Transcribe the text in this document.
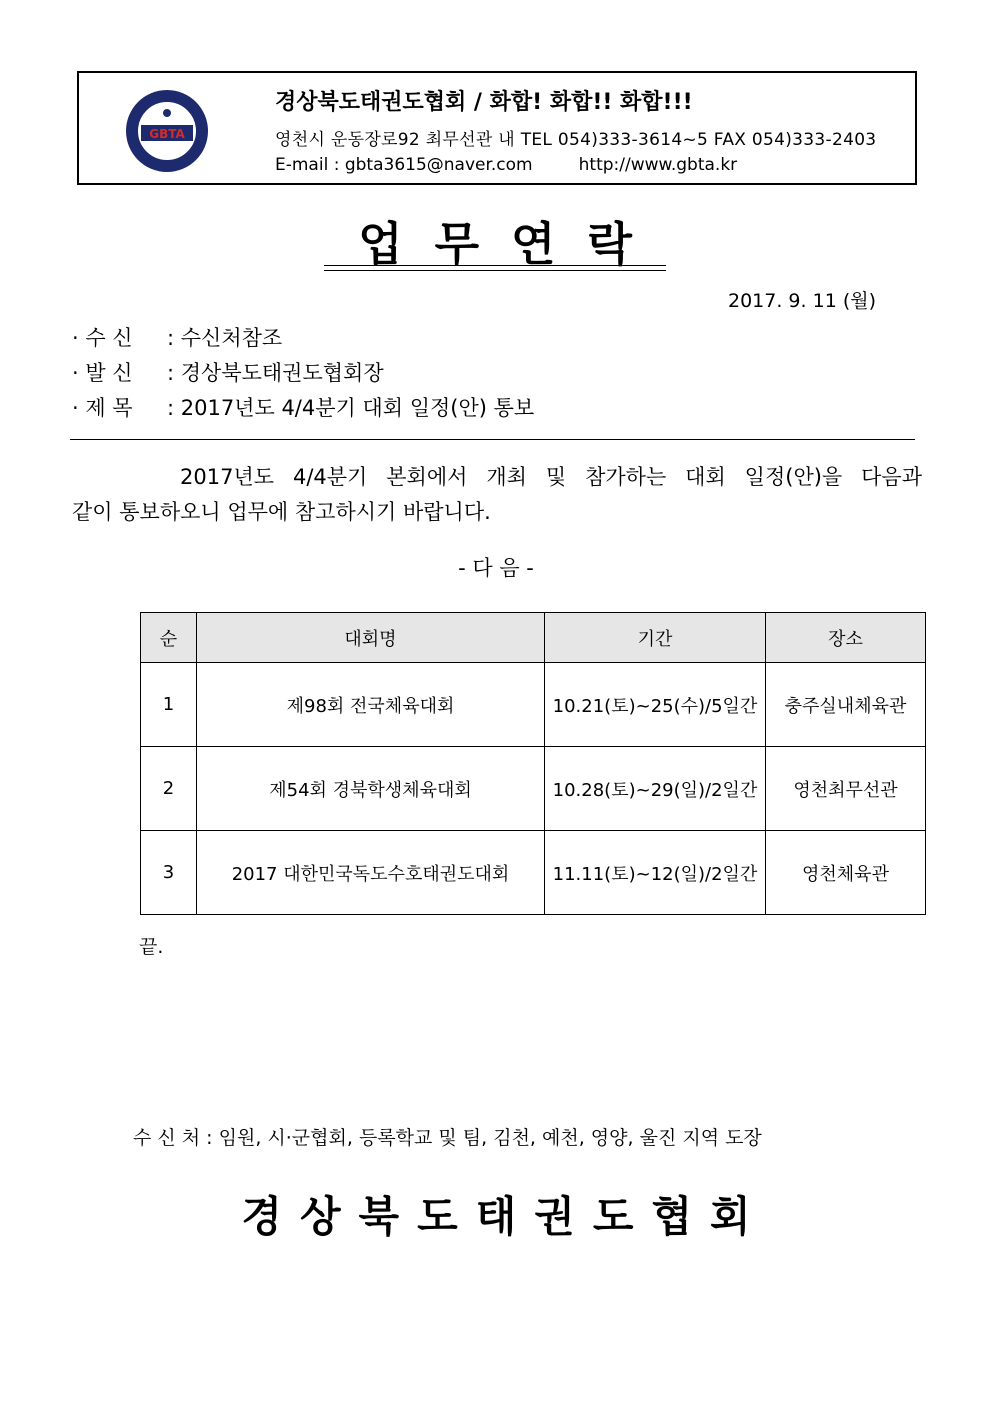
GBTA
경상북도태권도협회 / 화합! 화합!! 화합!!!
영천시 운동장로92 최무선관 내 TEL 054)333-3614~5 FAX 054)333-2403
E-mail : gbta3615@naver.com	http://www.gbta.kr
업 무 연 락
2017. 9. 11 (월)
· 수 신 : 수신처참조
· 발 신 : 경상북도태권도협회장
· 제 목 : 2017년도 4/4분기 대회 일정(안) 통보
2017년도 4/4분기 본회에서 개최 및 참가하는 대회 일정(안)을 다음과
같이 통보하오니 업무에 참고하시기 바랍니다.
- 다 음 -
순	대회명	기간	장소
1	제98회 전국체육대회	10.21(토)~25(수)/5일간	충주실내체육관
2	제54회 경북학생체육대회	10.28(토)~29(일)/2일간	영천최무선관
3	2017 대한민국독도수호태권도대회	11.11(토)~12(일)/2일간	영천체육관
끝.
수 신 처 : 임원, 시·군협회, 등록학교 및 팀, 김천, 예천, 영양, 울진 지역 도장
경 상 북 도 태 권 도 협 회
